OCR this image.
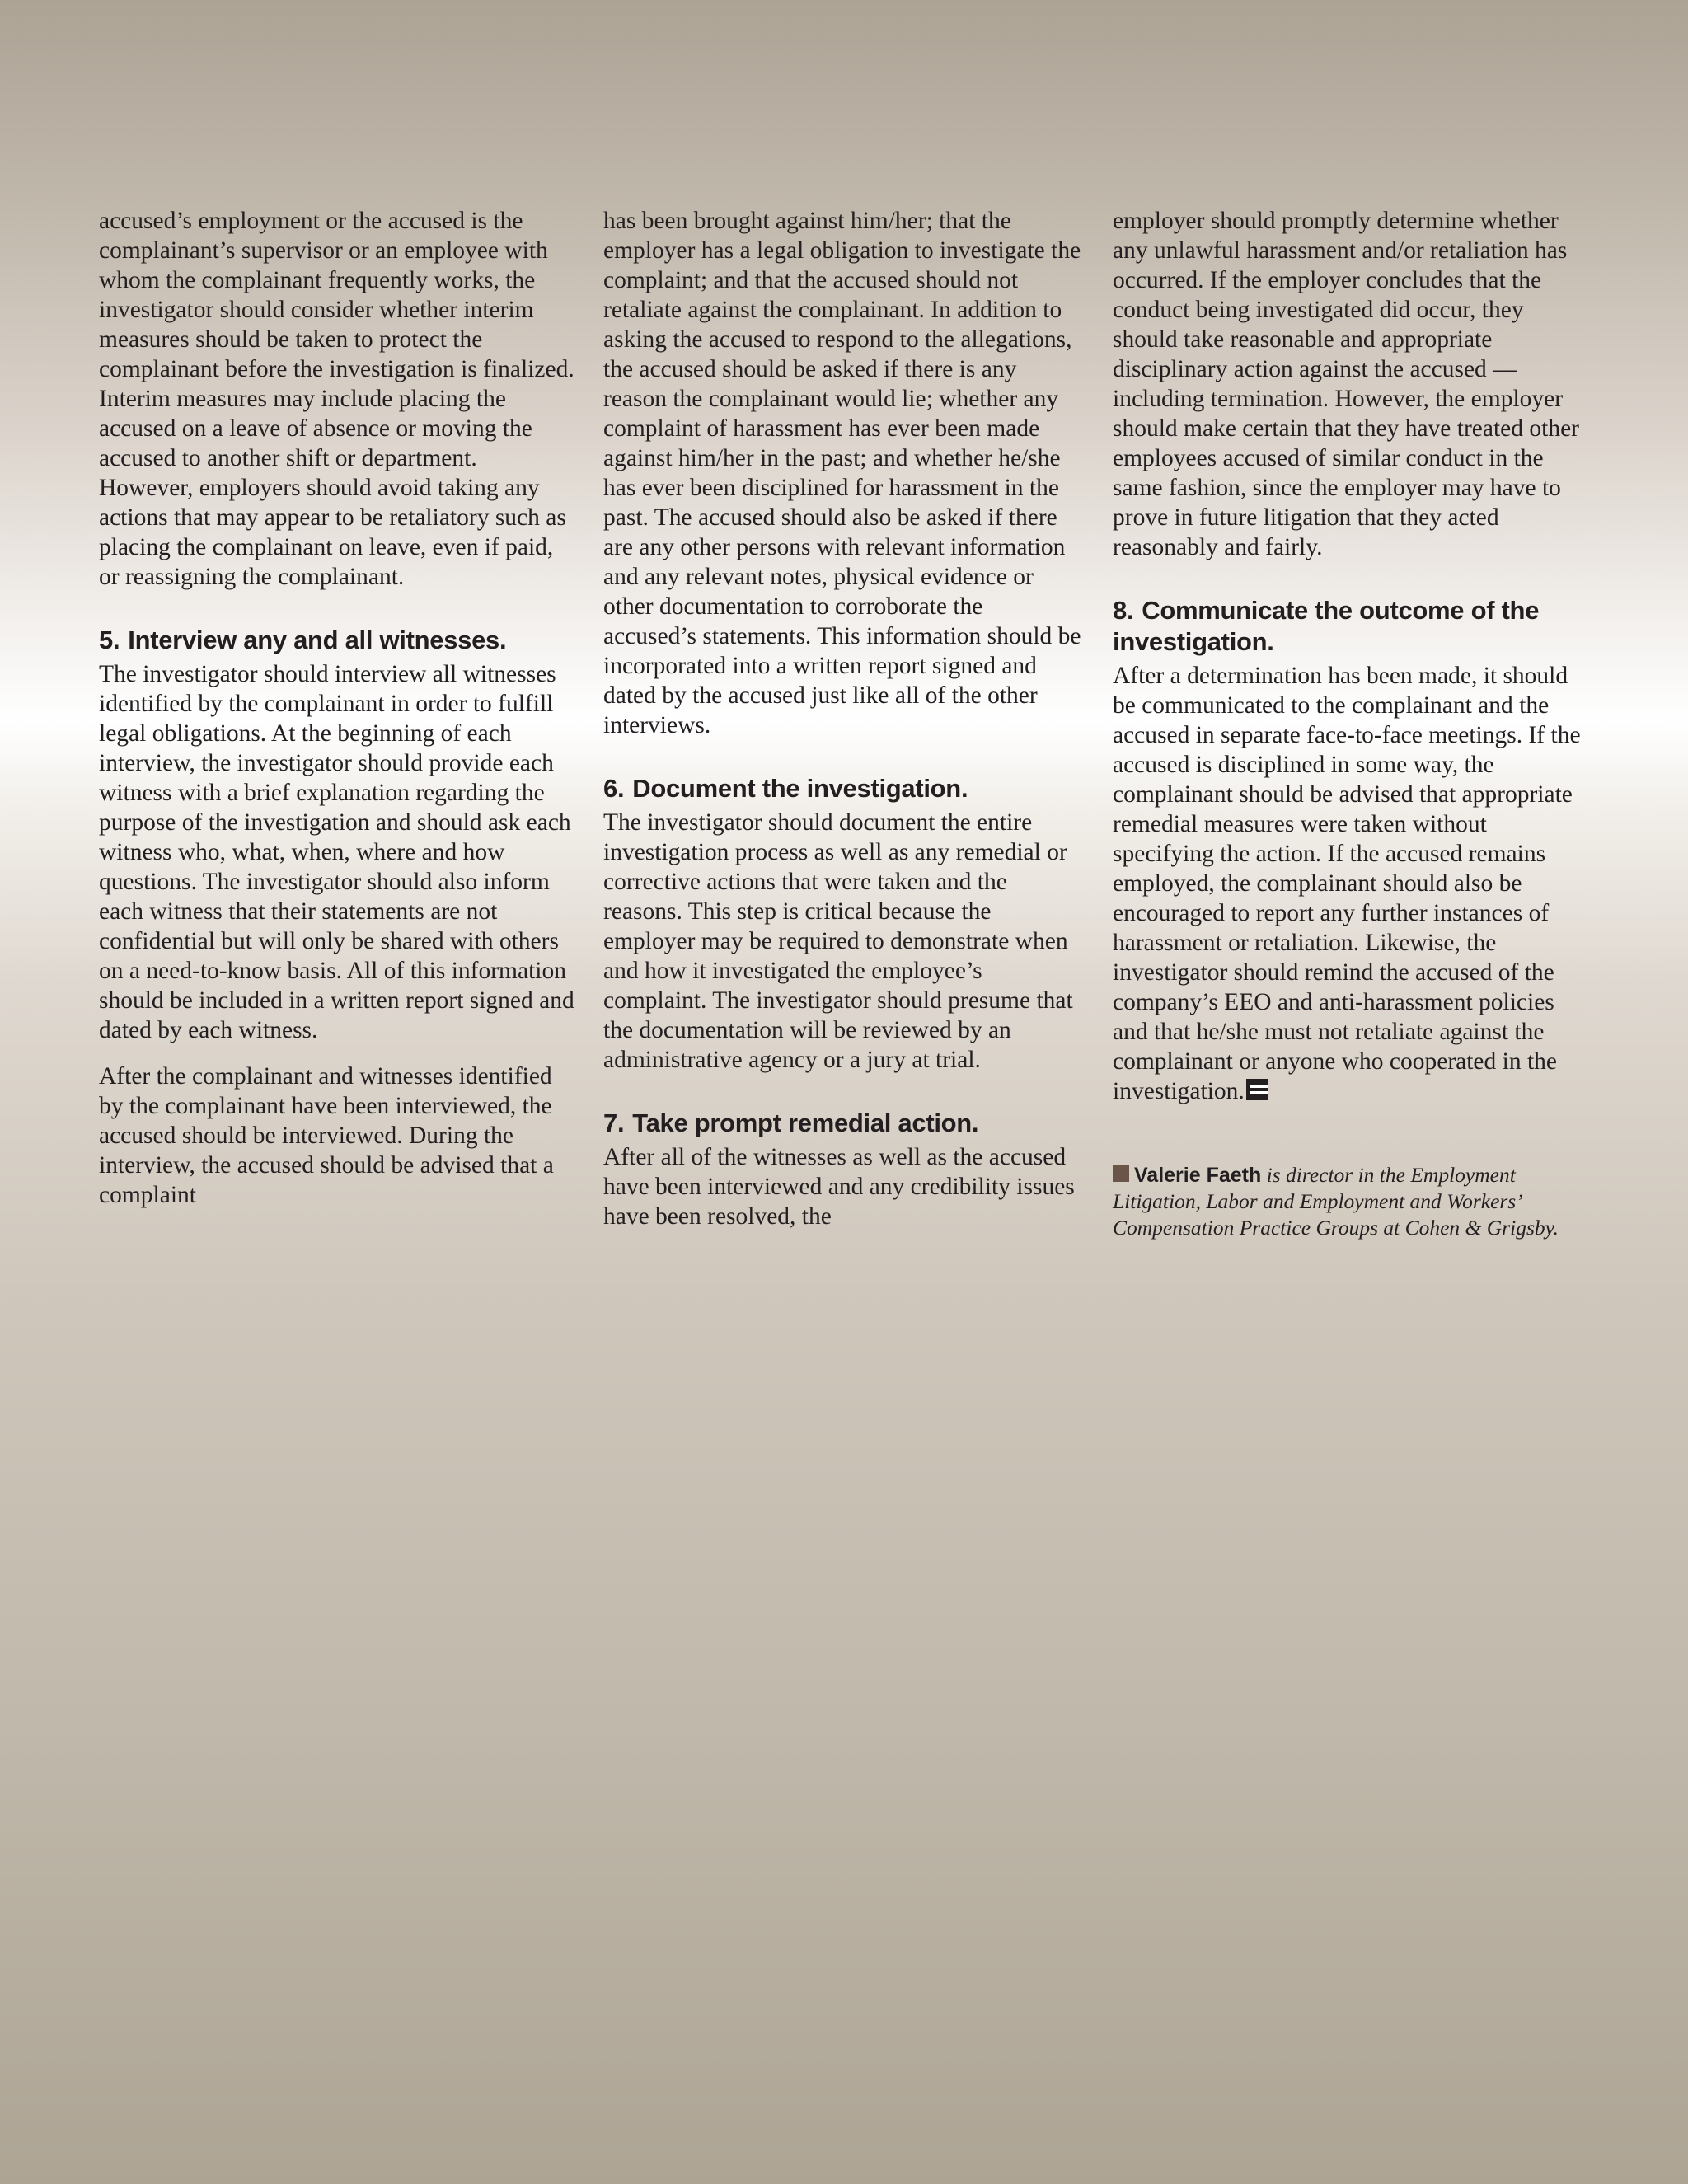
accused’s employment or the accused is the complainant’s supervisor or an employee with whom the complainant frequently works, the investigator should consider whether interim measures should be taken to protect the complainant before the investigation is finalized. Interim measures may include placing the accused on a leave of absence or moving the accused to another shift or department. However, employers should avoid taking any actions that may appear to be retaliatory such as placing the complainant on leave, even if paid, or reassigning the complainant.

5. Interview any and all witnesses.

The investigator should interview all witnesses identified by the complainant in order to fulfill legal obligations. At the beginning of each interview, the investigator should provide each witness with a brief explanation regarding the purpose of the investigation and should ask each witness who, what, when, where and how questions. The investigator should also inform each witness that their statements are not confidential but will only be shared with others on a need-to-know basis. All of this information should be included in a written report signed and dated by each witness.

After the complainant and witnesses identified by the complainant have been interviewed, the accused should be interviewed. During the interview, the accused should be advised that a complaint

has been brought against him/her; that the employer has a legal obligation to investigate the complaint; and that the accused should not retaliate against the complainant. In addition to asking the accused to respond to the allegations, the accused should be asked if there is any reason the complainant would lie; whether any complaint of harassment has ever been made against him/her in the past; and whether he/she has ever been disciplined for harassment in the past. The accused should also be asked if there are any other persons with relevant information and any relevant notes, physical evidence or other documentation to corroborate the accused’s statements. This information should be incorporated into a written report signed and dated by the accused just like all of the other interviews.

6. Document the investigation.

The investigator should document the entire investigation process as well as any remedial or corrective actions that were taken and the reasons. This step is critical because the employer may be required to demonstrate when and how it investigated the employee’s complaint. The investigator should presume that the documentation will be reviewed by an administrative agency or a jury at trial.

7. Take prompt remedial action.

After all of the witnesses as well as the accused have been interviewed and any credibility issues have been resolved, the

employer should promptly determine whether any unlawful harassment and/or retaliation has occurred. If the employer concludes that the conduct being investigated did occur, they should take reasonable and appropriate disciplinary action against the accused — including termination. However, the employer should make certain that they have treated other employees accused of similar conduct in the same fashion, since the employer may have to prove in future litigation that they acted reasonably and fairly.

8. Communicate the outcome of the investigation.

After a determination has been made, it should be communicated to the complainant and the accused in separate face-to-face meetings. If the accused is disciplined in some way, the complainant should be advised that appropriate remedial measures were taken without specifying the action. If the accused remains employed, the complainant should also be encouraged to report any further instances of harassment or retaliation. Likewise, the investigator should remind the accused of the company’s EEO and anti-harassment policies and that he/she must not retaliate against the complainant or anyone who cooperated in the investigation.

Valerie Faeth is director in the Employment Litigation, Labor and Employment and Workers’ Compensation Practice Groups at Cohen & Grigsby.
